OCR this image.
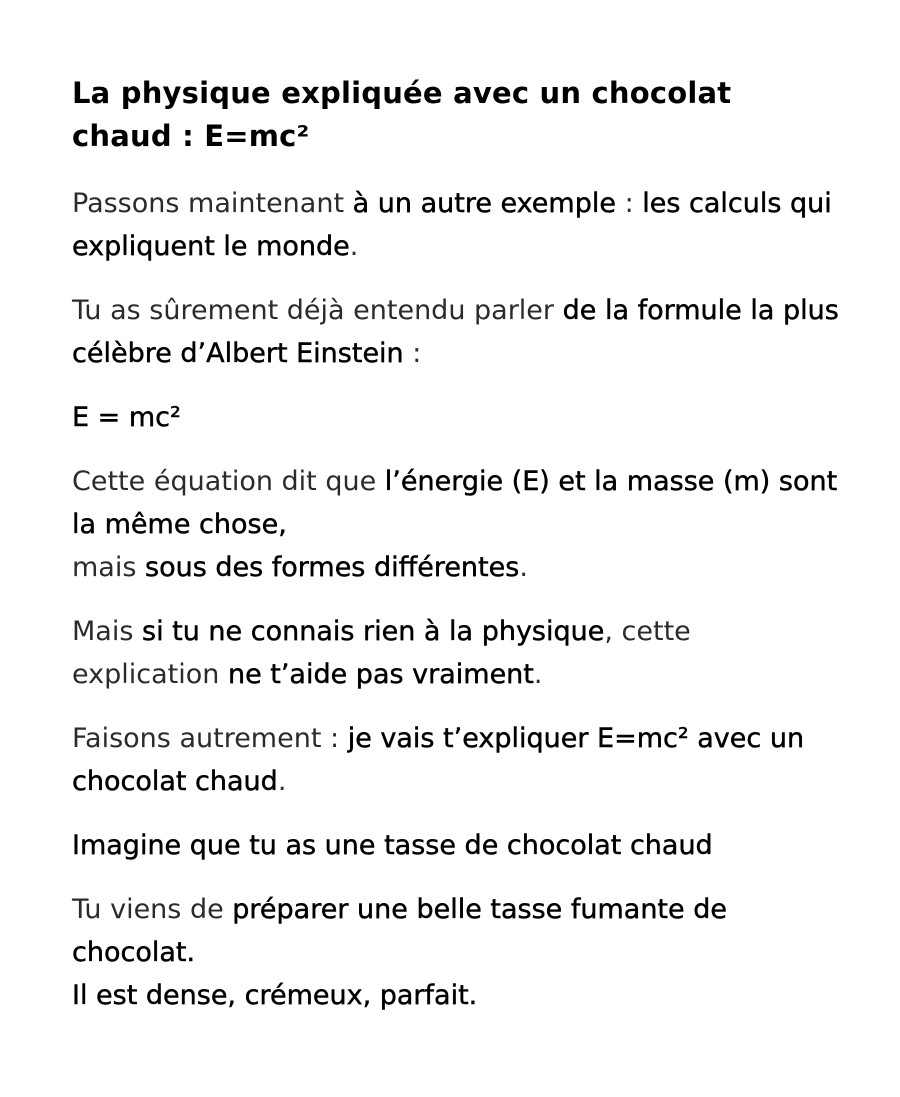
La physique expliquée avec un chocolat chaud : E=mc²

Passons maintenant à un autre exemple : les calculs qui expliquent le monde.

Tu as sûrement déjà entendu parler de la formule la plus célèbre d’Albert Einstein :

E = mc²

Cette équation dit que l’énergie (E) et la masse (m) sont la même chose,
mais sous des formes différentes.

Mais si tu ne connais rien à la physique, cette explication ne t’aide pas vraiment.

Faisons autrement : je vais t’expliquer E=mc² avec un chocolat chaud.

Imagine que tu as une tasse de chocolat chaud

Tu viens de préparer une belle tasse fumante de chocolat.
Il est dense, crémeux, parfait.
